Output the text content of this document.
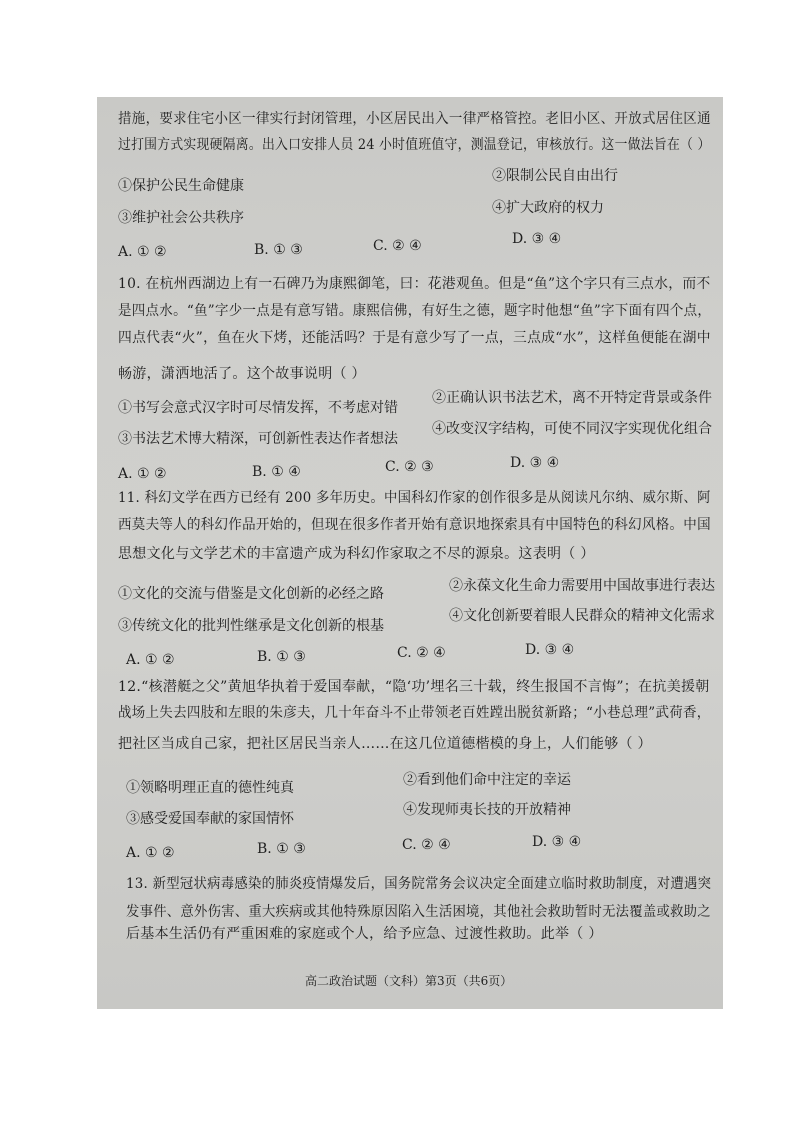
措施，要求住宅小区一律实行封闭管理，小区居民出入一律严格管控。老旧小区、开放式居住区通
过打围方式实现硬隔离。出入口安排人员 24 小时值班值守，测温登记，审核放行。这一做法旨在（ ）
①保护公民生命健康
②限制公民自由出行
③维护社会公共秩序
④扩大政府的权力
A. ① ②	B. ① ③	C. ② ④	D. ③ ④
10. 在杭州西湖边上有一石碑乃为康熙御笔，曰：花港观鱼。但是“鱼”这个字只有三点水，而不
是四点水。“鱼”字少一点是有意写错。康熙信佛，有好生之德，题字时他想“鱼”字下面有四个点，
四点代表“火”，鱼在火下烤，还能活吗？于是有意少写了一点，三点成“水”，这样鱼便能在湖中
畅游，潇洒地活了。这个故事说明（ ）
①书写会意式汉字时可尽情发挥，不考虑对错
②正确认识书法艺术，离不开特定背景或条件
③书法艺术博大精深，可创新性表达作者想法
④改变汉字结构，可使不同汉字实现优化组合
A. ① ②	B. ① ④	C. ② ③	D. ③ ④
11. 科幻文学在西方已经有 200 多年历史。中国科幻作家的创作很多是从阅读凡尔纳、威尔斯、阿
西莫夫等人的科幻作品开始的，但现在很多作者开始有意识地探索具有中国特色的科幻风格。中国
思想文化与文学艺术的丰富遗产成为科幻作家取之不尽的源泉。这表明（ ）
①文化的交流与借鉴是文化创新的必经之路	②永葆文化生命力需要用中国故事进行表达
③传统文化的批判性继承是文化创新的根基
④文化创新要着眼人民群众的精神文化需求
A. ① ②	B. ① ③	C. ② ④	D. ③ ④
12.“核潜艇之父”黄旭华执着于爱国奉献，“隐‘功’埋名三十载，终生报国不言悔”；在抗美援朝
战场上失去四肢和左眼的朱彦夫，几十年奋斗不止带领老百姓蹚出脱贫新路；“小巷总理”武荷香，
把社区当成自己家，把社区居民当亲人……在这几位道德楷模的身上，人们能够（ ）
①领略明理正直的德性纯真	②看到他们命中注定的幸运
③感受爱国奉献的家国情怀
④发现师夷长技的开放精神
A. ① ②	B. ① ③	C. ② ④	D. ③ ④
13. 新型冠状病毒感染的肺炎疫情爆发后，国务院常务会议决定全面建立临时救助制度，对遭遇突
发事件、意外伤害、重大疾病或其他特殊原因陷入生活困境，其他社会救助暂时无法覆盖或救助之
后基本生活仍有严重困难的家庭或个人，给予应急、过渡性救助。此举（ ）
高二政治试题（文科）第3页（共6页）
